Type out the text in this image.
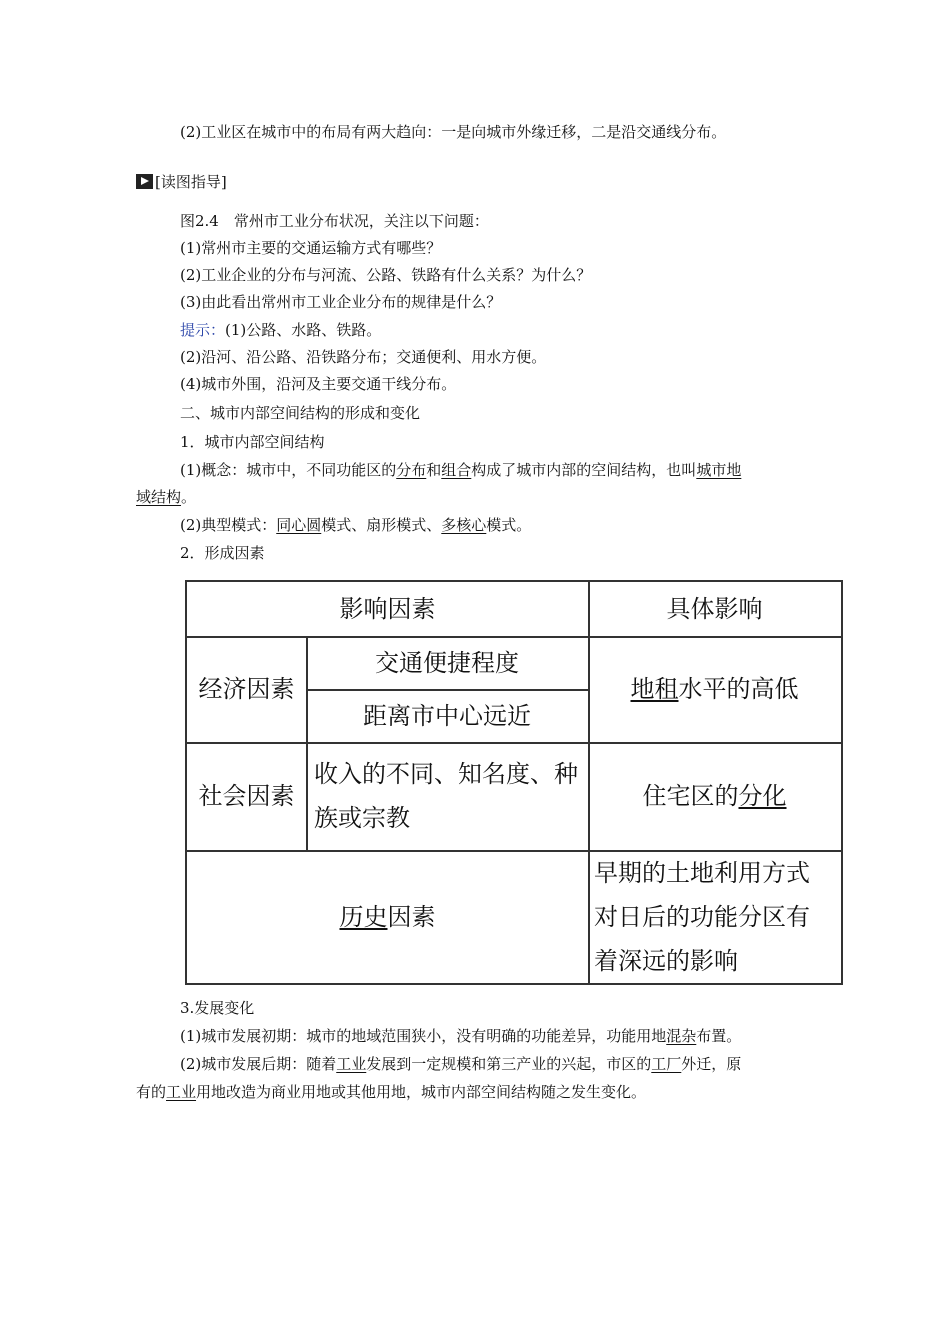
(2)工业区在城市中的布局有两大趋向：一是向城市外缘迁移，二是沿交通线分布。
[读图指导]
图2.4　常州市工业分布状况，关注以下问题：
(1)常州市主要的交通运输方式有哪些？
(2)工业企业的分布与河流、公路、铁路有什么关系？为什么？
(3)由此看出常州市工业企业分布的规律是什么？
提示：(1)公路、水路、铁路。
(2)沿河、沿公路、沿铁路分布；交通便利、用水方便。
(4)城市外围，沿河及主要交通干线分布。
二、城市内部空间结构的形成和变化
1．城市内部空间结构
(1)概念：城市中，不同功能区的分布和组合构成了城市内部的空间结构，也叫城市地
域结构。
(2)典型模式：同心圆模式、扇形模式、多核心模式。
2．形成因素
影响因素	具体影响
经济因素
交通便捷程度
距离市中心远近
地租水平的高低
社会因素
收入的不同、知名度、种
族或宗教
住宅区的分化
历史因素
早期的土地利用方式
对日后的功能分区有
着深远的影响
3.发展变化
(1)城市发展初期：城市的地域范围狭小，没有明确的功能差异，功能用地混杂布置。
(2)城市发展后期：随着工业发展到一定规模和第三产业的兴起，市区的工厂外迁，原
有的工业用地改造为商业用地或其他用地，城市内部空间结构随之发生变化。
